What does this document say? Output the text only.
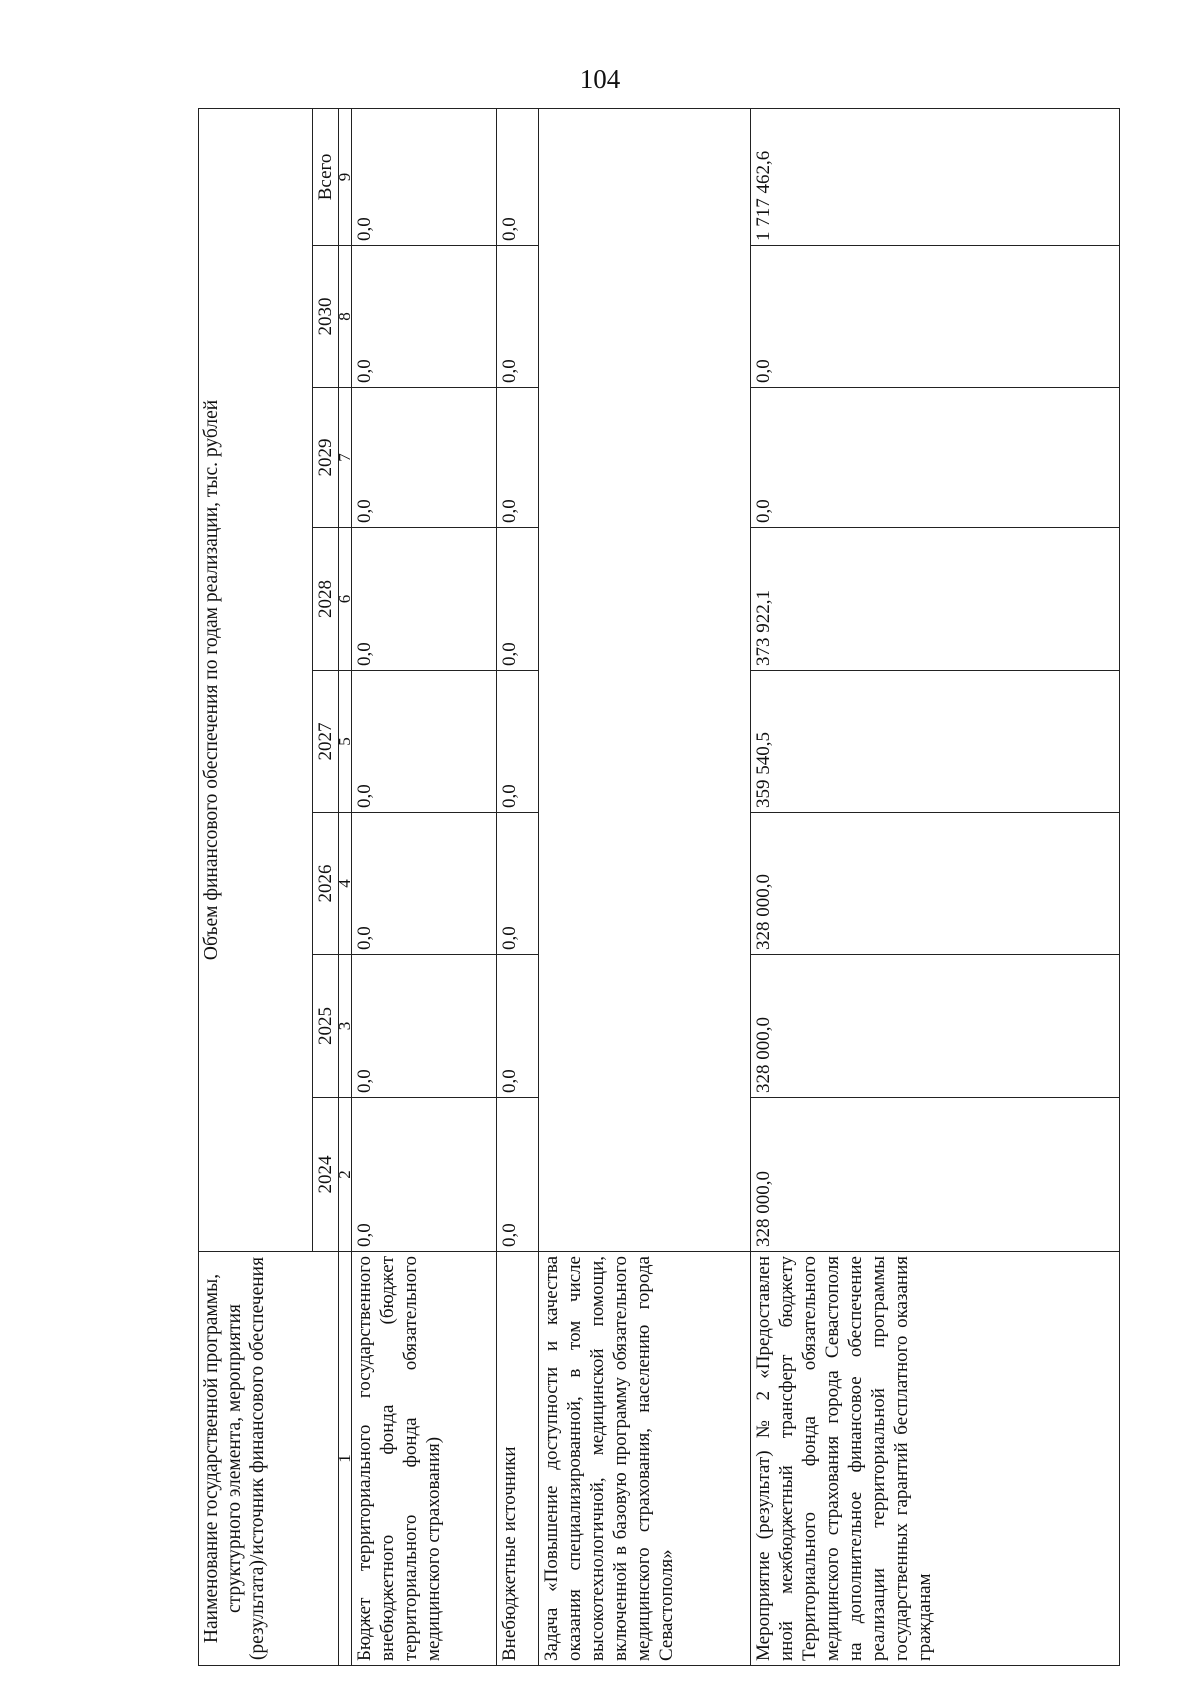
104
Наименование государственной программы, структурного элемента, мероприятия (результата)/источник финансового обеспечения	Объем финансового обеспечения по годам реализации, тыс. рублей							
	2024	2025	2026	2027	2028	2029	2030	Всего
1	2	3	4	5	6	7	8	9
Бюджет территориального государственного внебюджетного фонда (бюджет территориального фонда обязательного медицинского страхования)	0,0	0,0	0,0	0,0	0,0	0,0	0,0	0,0
Внебюджетные источники	0,0	0,0	0,0	0,0	0,0	0,0	0,0	0,0
Задача «Повышение доступности и качества оказания специализированной, в том числе высокотехнологичной, медицинской помощи, включенной в базовую программу обязательного медицинского страхования, населению города Севастополя»								
Мероприятие (результат) № 2 «Предоставлен иной межбюджетный трансферт бюджету Территориального фонда обязательного медицинского страхования города Севастополя на дополнительное финансовое обеспечение реализации территориальной программы государственных гарантий бесплатного оказания гражданам	328 000,0	328 000,0	328 000,0	359 540,5	373 922,1	0,0	0,0	1 717 462,6
